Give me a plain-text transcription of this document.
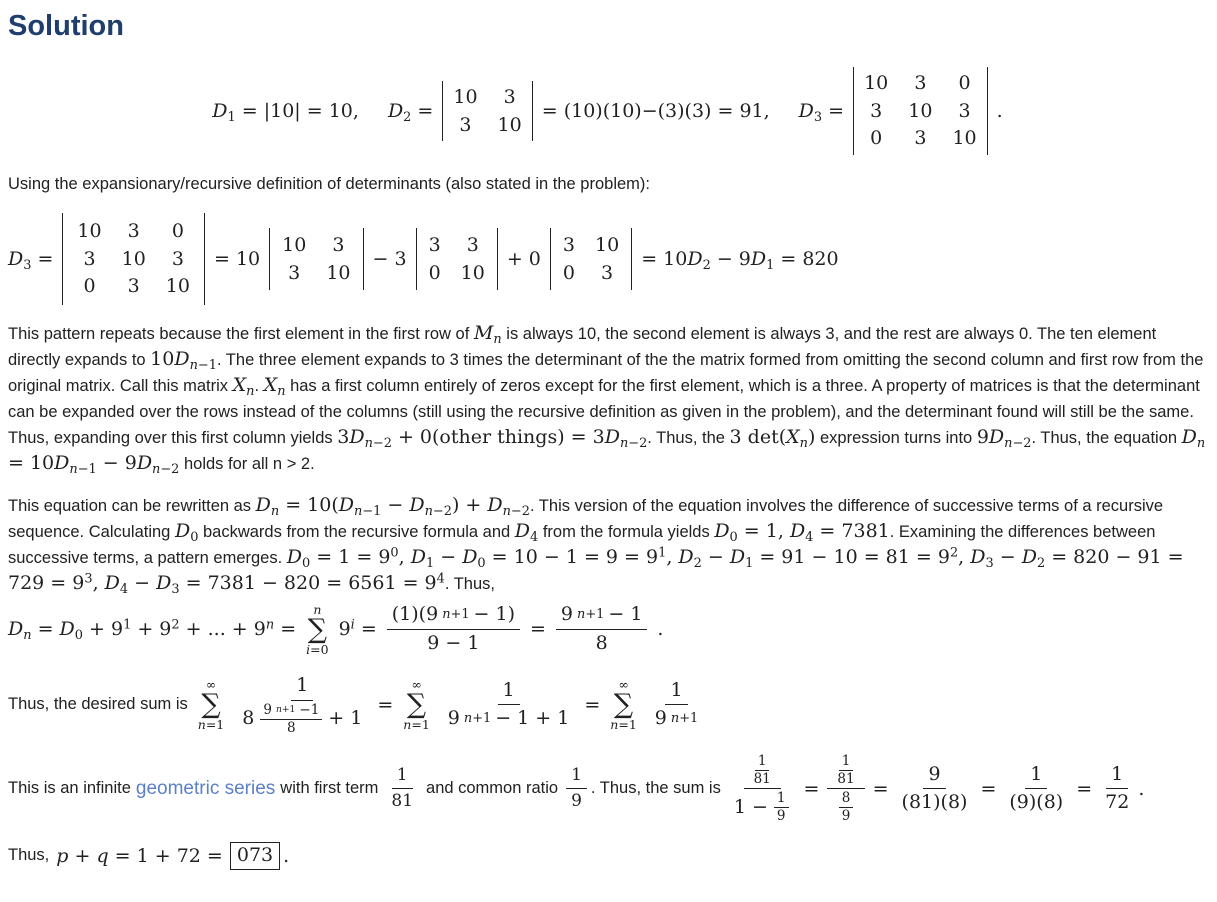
Solution
$D_1 = |10| = 10$, $D_2$ =
10	3
3	10
= (10)(10)−(3)(3) = 91, $D_3$ =
10	3	0
3	10	3
0	3	10
.

Using the expansionary/recursive definition of determinants (also stated in the problem):

$D_3$ =
10	3	0
3	10	3
0	3	10
= 10
10	3
3	10
− 3
3	3
0 10
+ 0
3 10
0	3
= $10D_2 - 9D_1 = 820$

This pattern repeats because the first element in the first row of $M_n$ is always 10, the second element is always 3, and the rest are always 0. The ten element directly expands to $10D_{n-1}$. The three element expands to 3 times the determinant of the the matrix formed from omitting the second column and first row from the original matrix. Call this matrix $X_n$. $X_n$ has a first column entirely of zeros except for the first element, which is a three. A property of matrices is that the determinant can be expanded over the rows instead of the columns (still using the recursive definition as given in the problem), and the determinant found will still be the same. Thus, expanding over this first column yields $3D_{n-2}$ + 0(other things) = $3D_{n-2}$. Thus, the 3 $\det(X_n)$ expression turns into $9D_{n-2}$. Thus, the equation $D_n = 10D_{n-1} - 9D_{n-2}$ holds for all n > 2.

This equation can be rewritten as $D_n = 10(D_{n-1} - D_{n-2}) + D_{n-2}$. This version of the equation involves the difference of successive terms of a recursive sequence. Calculating $D_0$ backwards from the recursive formula and $D_4$ from the formula yields $D_0 = 1$, $D_4 = 7381$. Examining the differences between successive terms, a pattern emerges. $D_0 = 1 = 9^0$, $D_1 - D_0 = 10 - 1 = 9 = 9^1$, $D_2 - D_1 = 91 - 10 = 81 = 9^2$, $D_3 - D_2 = 820 - 91 = 729 = 9^3$, $D_4 - D_3 = 7381 - 820 = 6561 = 9^4$. Thus,

$D_n = D_0 + 9^1 + 9^2$ + ... + $9^n$ =
n
∑
i=0
$9^i = \frac{(1)(9 n+1 - 1)}{9 - 1} = \frac{9 n+1 - 1}{8}$ .
Thus, the desired sum is
∞
∑
$n=1 \frac{1}{8 \frac{9 n+1 -1}{8} + 1}$ =
∞
∑
$n=1 \frac{1}{9 n+1 - 1 + 1}$ =
∞
∑
$n=1 \frac{1}{9 n+1}$
This is an infinite geometric series with first term $\frac{1}{81}$ and common ratio $\frac{1}{9}$ . Thus, the sum is $\frac{\frac{1}{81}}{1 - \frac{1}{9}} = \frac{\frac{1}{81}}{\frac{8}{9}} = \frac{9}{(81)(8)} = \frac{1}{(9)(8)} = \frac{1}{72}$ .
Thus, p + q = 1 + 72 = 073 .
